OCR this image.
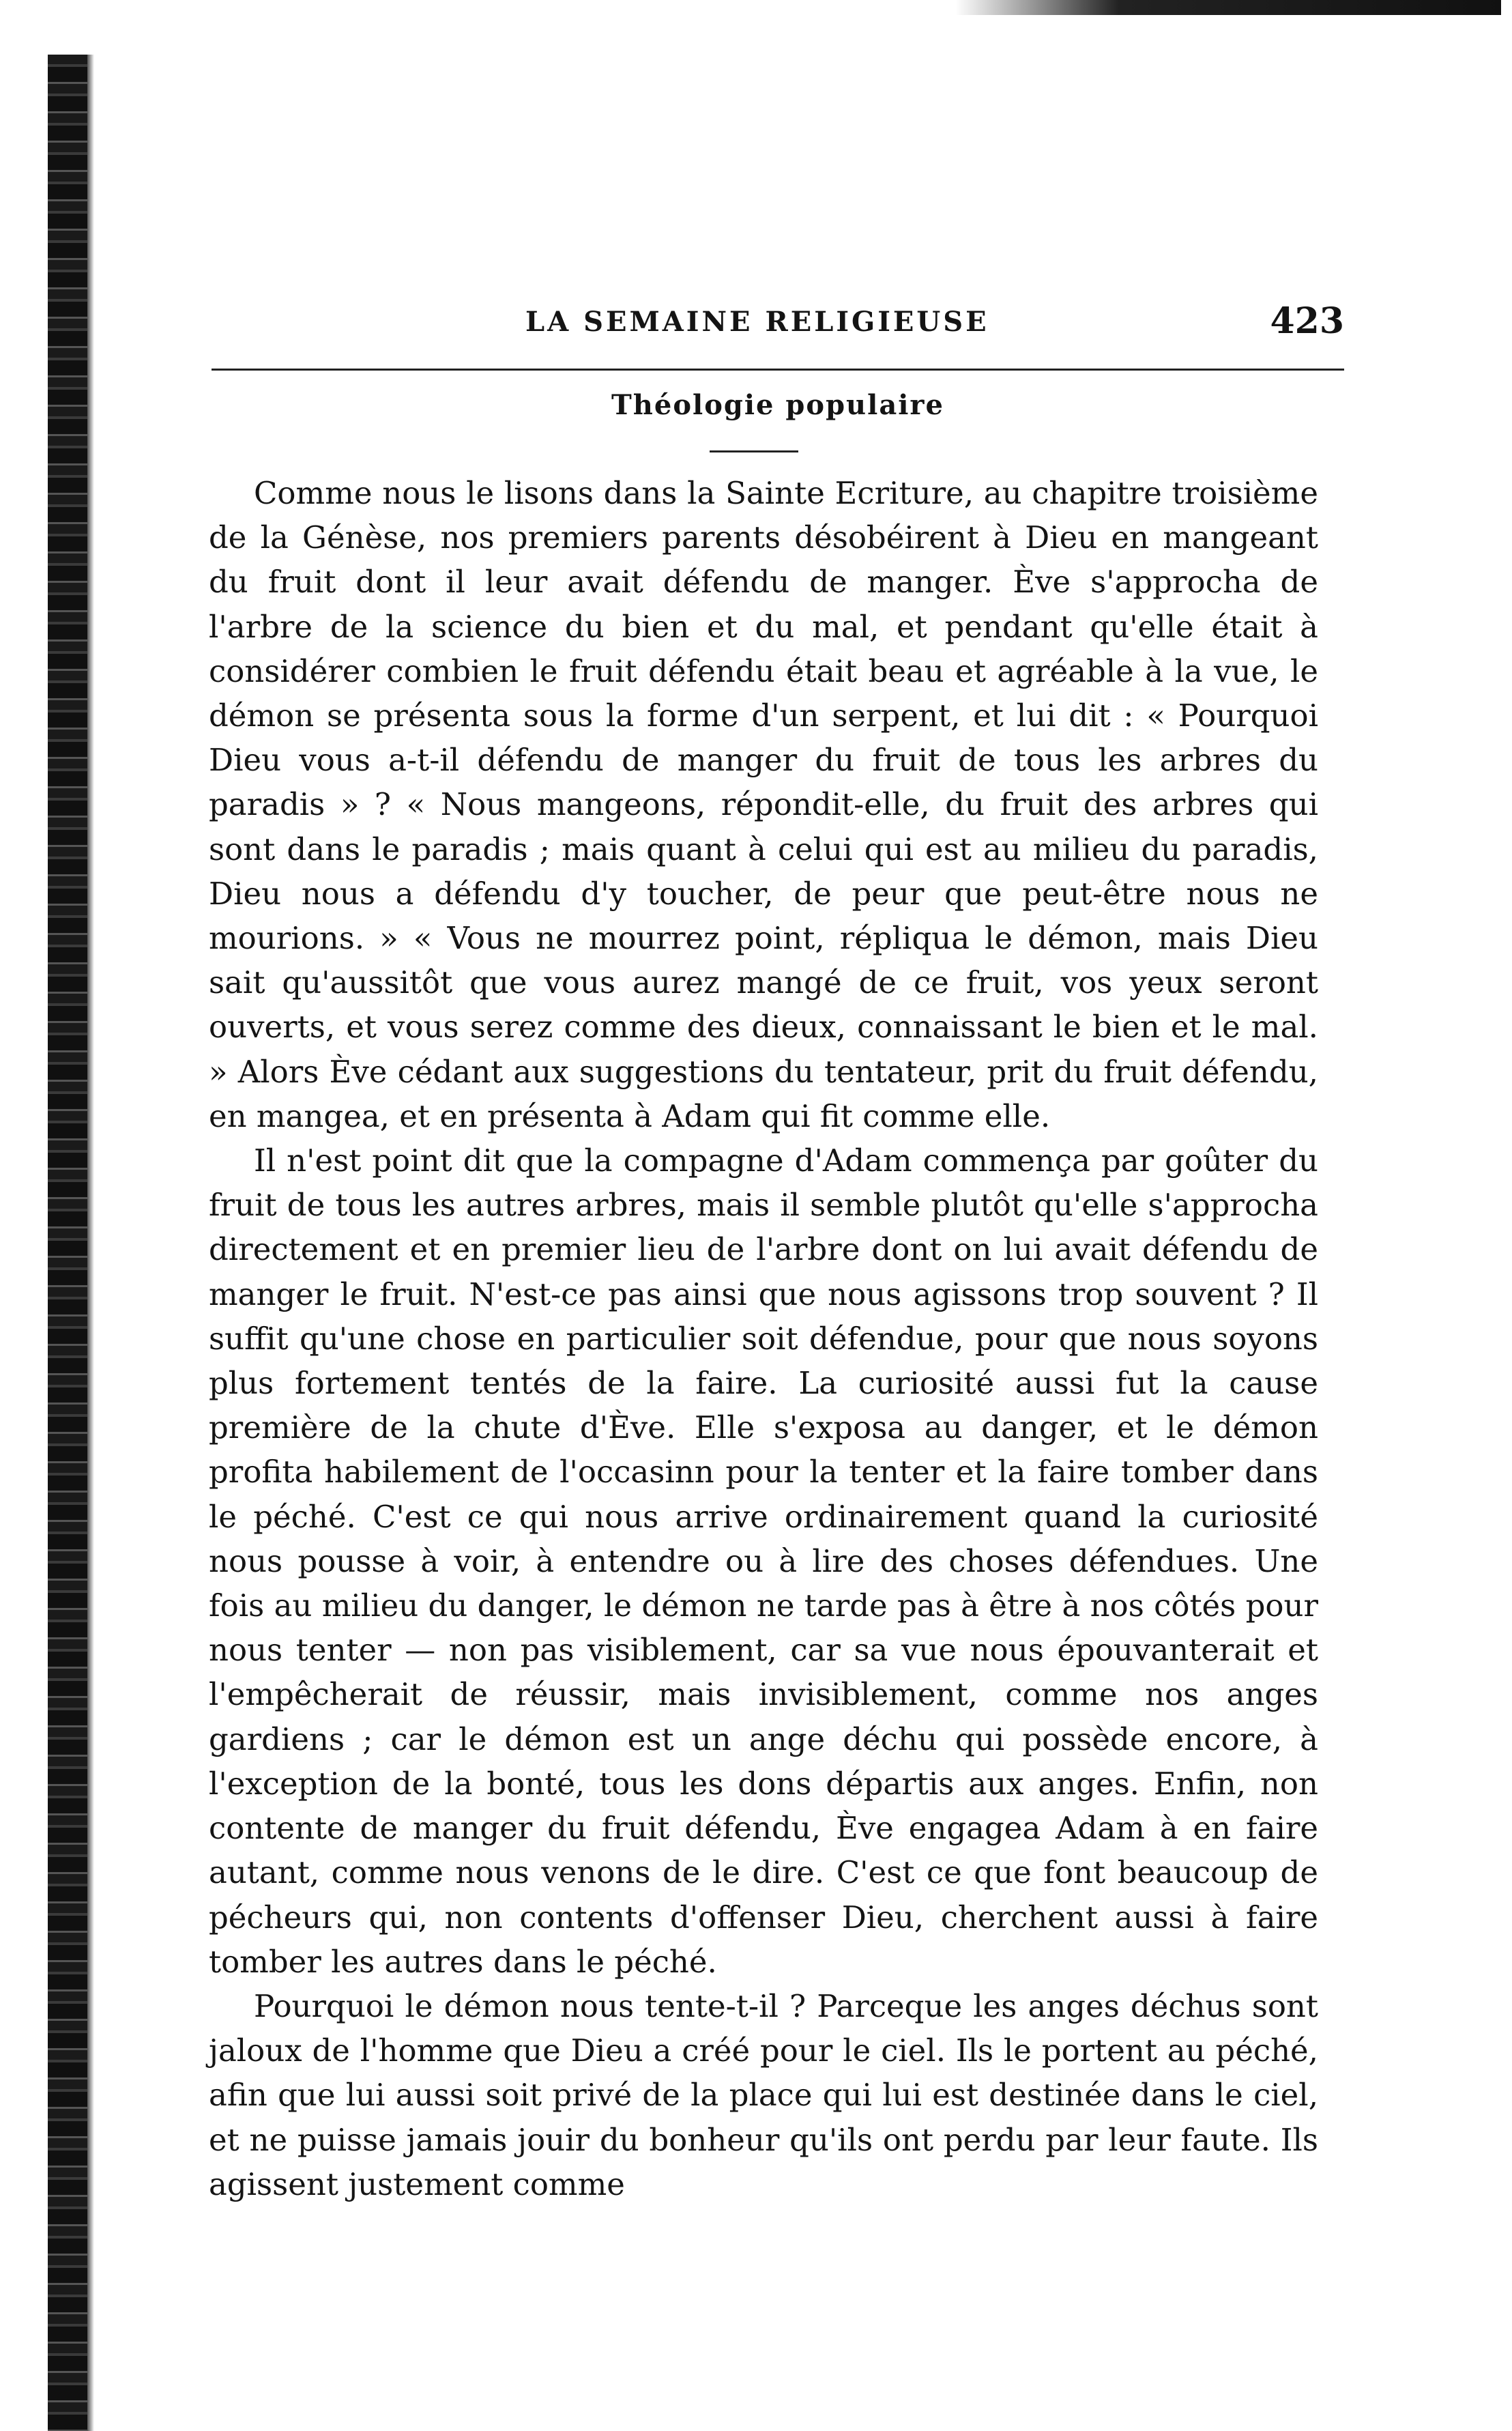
LA SEMAINE RELIGIEUSE	423
Théologie populaire

Comme nous le lisons dans la Sainte Ecriture, au chapitre troisième de la Génèse, nos premiers parents désobéirent à Dieu en mangeant du fruit dont il leur avait défendu de manger. Ève s'approcha de l'arbre de la science du bien et du mal, et pendant qu'elle était à considérer combien le fruit défendu était beau et agréable à la vue, le démon se présenta sous la forme d'un serpent, et lui dit : « Pourquoi Dieu vous a-t-il défendu de manger du fruit de tous les arbres du paradis » ? « Nous mangeons, répondit-elle, du fruit des arbres qui sont dans le paradis ; mais quant à celui qui est au milieu du paradis, Dieu nous a défendu d'y toucher, de peur que peut-être nous ne mourions. » « Vous ne mourrez point, répliqua le démon, mais Dieu sait qu'aussitôt que vous aurez mangé de ce fruit, vos yeux seront ouverts, et vous serez comme des dieux, connaissant le bien et le mal. » Alors Ève cédant aux suggestions du tentateur, prit du fruit défendu, en mangea, et en présenta à Adam qui fit comme elle.

Il n'est point dit que la compagne d'Adam commença par goûter du fruit de tous les autres arbres, mais il semble plutôt qu'elle s'approcha directement et en premier lieu de l'arbre dont on lui avait défendu de manger le fruit. N'est-ce pas ainsi que nous agissons trop souvent ? Il suffit qu'une chose en particulier soit défendue, pour que nous soyons plus fortement tentés de la faire. La curiosité aussi fut la cause première de la chute d'Ève. Elle s'exposa au danger, et le démon profita habilement de l'occasinn pour la tenter et la faire tomber dans le péché. C'est ce qui nous arrive ordinairement quand la curiosité nous pousse à voir, à entendre ou à lire des choses défendues. Une fois au milieu du danger, le démon ne tarde pas à être à nos côtés pour nous tenter — non pas visiblement, car sa vue nous épouvanterait et l'empêcherait de réussir, mais invisiblement, comme nos anges gardiens ; car le démon est un ange déchu qui possède encore, à l'exception de la bonté, tous les dons départis aux anges. Enfin, non contente de manger du fruit défendu, Ève engagea Adam à en faire autant, comme nous venons de le dire. C'est ce que font beaucoup de pécheurs qui, non contents d'offenser Dieu, cherchent aussi à faire tomber les autres dans le péché.

Pourquoi le démon nous tente-t-il ? Parceque les anges déchus sont jaloux de l'homme que Dieu a créé pour le ciel. Ils le portent au péché, afin que lui aussi soit privé de la place qui lui est destinée dans le ciel, et ne puisse jamais jouir du bonheur qu'ils ont perdu par leur faute. Ils agissent justement comme
